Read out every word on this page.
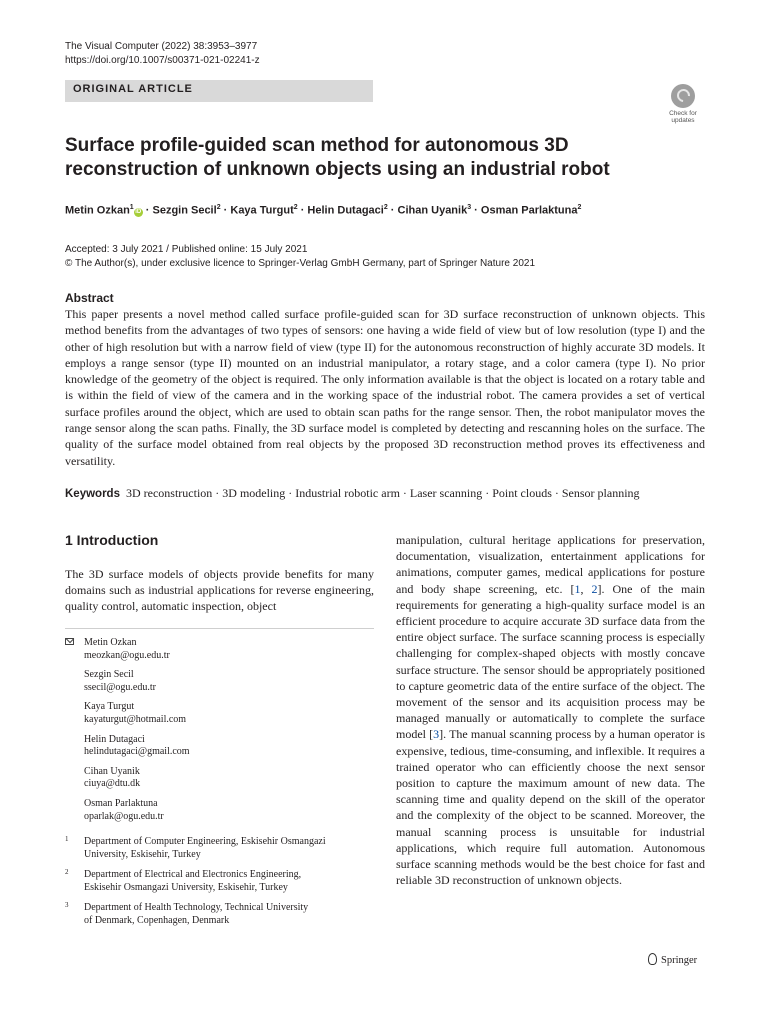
The Visual Computer (2022) 38:3953–3977
https://doi.org/10.1007/s00371-021-02241-z
ORIGINAL ARTICLE
Check for updates
Surface profile-guided scan method for autonomous 3D
reconstruction of unknown objects using an industrial robot
Metin Ozkan$^1$iD · Sezgin Secil$^2$ · Kaya Turgut$^2$ · Helin Dutagaci$^2$ · Cihan Uyanik$^3$ · Osman Parlaktuna$^2$
Accepted: 3 July 2021 / Published online: 15 July 2021
© The Author(s), under exclusive licence to Springer-Verlag GmbH Germany, part of Springer Nature 2021
Abstract
This paper presents a novel method called surface profile-guided scan for 3D surface reconstruction of unknown objects. This method benefits from the advantages of two types of sensors: one having a wide field of view but of low resolution (type I) and the other of high resolution but with a narrow field of view (type II) for the autonomous reconstruction of highly accurate 3D models. It employs a range sensor (type II) mounted on an industrial manipulator, a rotary stage, and a color camera (type I). No prior knowledge of the geometry of the object is required. The only information available is that the object is located on a rotary table and is within the field of view of the camera and in the working space of the industrial robot. The camera provides a set of vertical surface profiles around the object, which are used to obtain scan paths for the range sensor. Then, the robot manipulator moves the range sensor along the scan paths. Finally, the 3D surface model is completed by detecting and rescanning holes on the surface. The quality of the surface model obtained from real objects by the proposed 3D reconstruction method proves its effectiveness and versatility.
Keywords 3D reconstruction · 3D modeling · Industrial robotic arm · Laser scanning · Point clouds · Sensor planning
1 Introduction
The 3D surface models of objects provide benefits for many domains such as industrial applications for reverse engineering, quality control, automatic inspection, object
Metin Ozkan
meozkan@ogu.edu.tr
Sezgin Secil
ssecil@ogu.edu.tr
Kaya Turgut
kayaturgut@hotmail.com
Helin Dutagaci
helindutagaci@gmail.com
Cihan Uyanik
ciuya@dtu.dk
Osman Parlaktuna
oparlak@ogu.edu.tr
1 Department of Computer Engineering, Eskisehir Osmangazi
University, Eskisehir, Turkey
2 Department of Electrical and Electronics Engineering,
Eskisehir Osmangazi University, Eskisehir, Turkey
3 Department of Health Technology, Technical University
of Denmark, Copenhagen, Denmark
manipulation, cultural heritage applications for preservation, documentation, visualization, entertainment applications for animations, computer games, medical applications for posture and body shape screening, etc. [1, 2]. One of the main requirements for generating a high-quality surface model is an efficient procedure to acquire accurate 3D surface data from the entire object surface. The surface scanning process is especially challenging for complex-shaped objects with mostly concave surface structure. The sensor should be appropriately positioned to capture geometric data of the entire surface of the object. The movement of the sensor and its acquisition process may be managed manually or automatically to complete the surface model [3]. The manual scanning process by a human operator is expensive, tedious, time-consuming, and inflexible. It requires a trained operator who can efficiently choose the next sensor position to capture the maximum amount of new data. The scanning time and quality depend on the skill of the operator and the complexity of the object to be scanned. Moreover, the manual scanning process is unsuitable for industrial applications, which require full automation. Autonomous surface scanning methods would be the best choice for fast and reliable 3D reconstruction of unknown objects.
Springer
